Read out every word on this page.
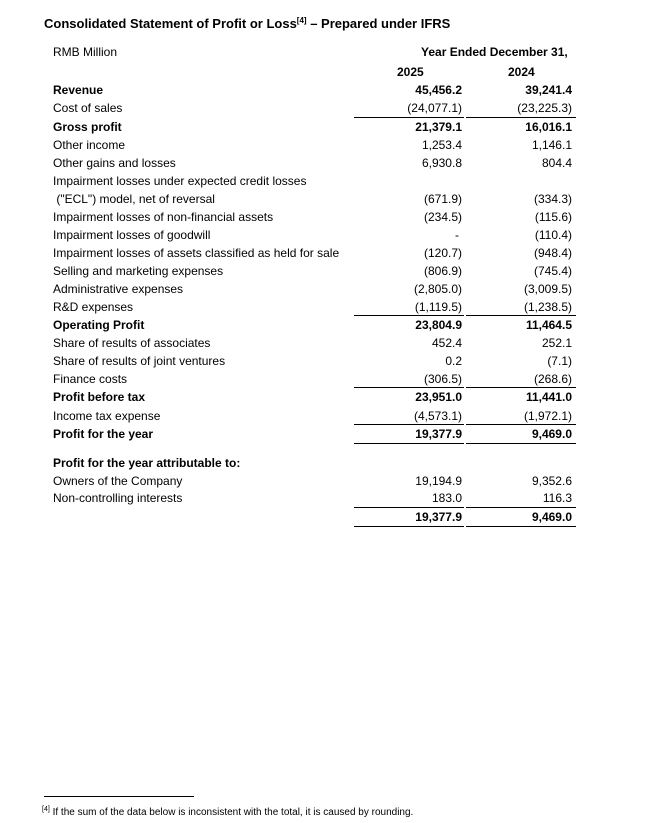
Consolidated Statement of Profit or Loss[4] – Prepared under IFRS
RMB Million	Year Ended December 31,
2025	2024
Revenue	45,456.2	39,241.4
Cost of sales	(24,077.1)	(23,225.3)
Gross profit	21,379.1	16,016.1
Other income	1,253.4	1,146.1
Other gains and losses	6,930.8	804.4
Impairment losses under expected credit losses
("ECL") model, net of reversal	(671.9)	(334.3)
Impairment losses of non-financial assets	(234.5)	(115.6)
Impairment losses of goodwill	-	(110.4)
Impairment losses of assets classified as held for sale	(120.7)	(948.4)
Selling and marketing expenses	(806.9)	(745.4)
Administrative expenses	(2,805.0)	(3,009.5)
R&D expenses	(1,119.5)	(1,238.5)
Operating Profit	23,804.9	11,464.5
Share of results of associates	452.4	252.1
Share of results of joint ventures	0.2	(7.1)
Finance costs	(306.5)	(268.6)
Profit before tax	23,951.0	11,441.0
Income tax expense	(4,573.1)	(1,972.1)
Profit for the year	19,377.9	9,469.0
Profit for the year attributable to:
Owners of the Company	19,194.9	9,352.6
Non-controlling interests	183.0	116.3
19,377.9	9,469.0
[4] If the sum of the data below is inconsistent with the total, it is caused by rounding.
